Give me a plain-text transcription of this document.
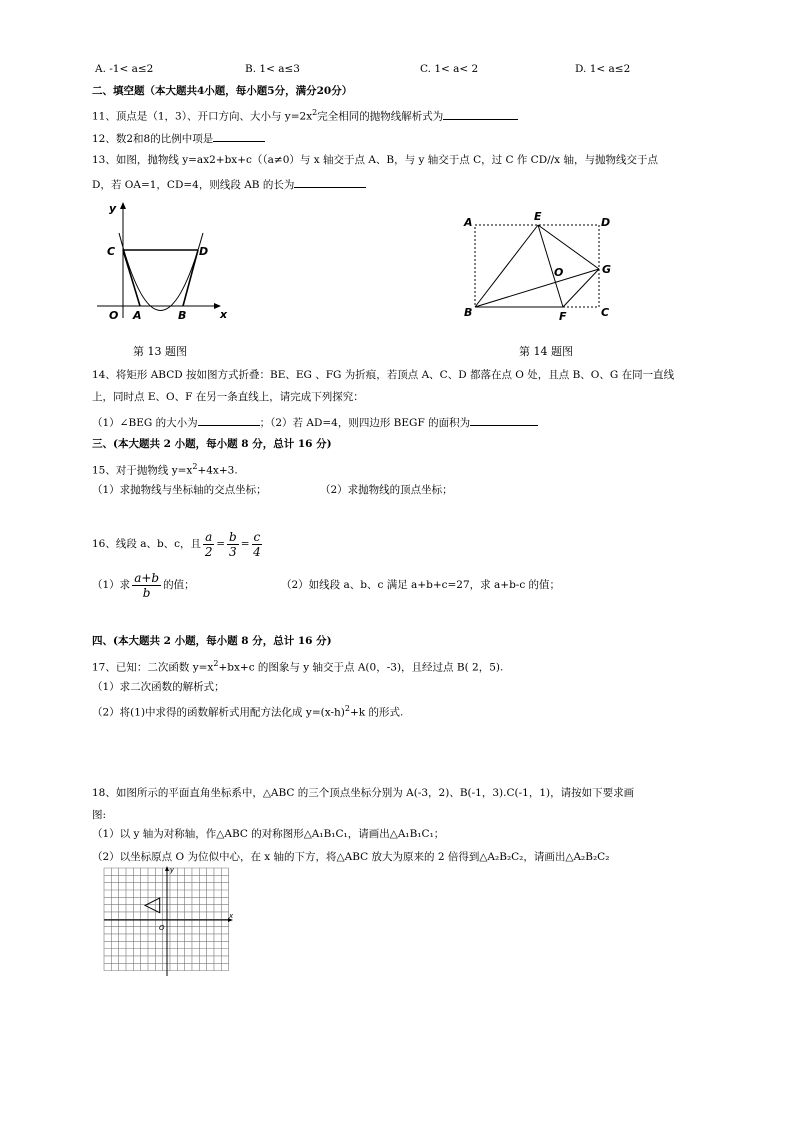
A. -1< a≤2	B. 1< a≤3	C. 1< a< 2	D. 1< a≤2
二、填空题（本大题共4小题，每小题5分，满分20分）
11、顶点是（1，3）、开口方向、大小与 $y=2x^2$完全相同的抛物线解析式为
12、数2和8的比例中项是
13、如图，抛物线 y=ax2+bx+c（（a≠0）与 x 轴交于点 A、B，与 y 轴交于点 C，过 C 作 CD//x 轴，与抛物线交于点
D，若 OA=1，CD=4，则线段 AB 的长为
y
x
C	D
O A	B
第 13 题图
A	E	D
O	G
B	F	C
第 14 题图
14、将矩形 ABCD 按如图方式折叠：BE、EG 、FG 为折痕，若顶点 A、C、D 都落在点 O 处，且点 B、O、G 在同一直线
上，同时点 E、O、F 在另一条直线上，请完成下列探究：
（1）∠BEG 的大小为	；（2）若 AD=4，则四边形 BEGF 的面积为
三、(本大题共 2 小题，每小题 8 分，总计 16 分)
15、对于抛物线 $y=x^2+4x+3$.
（1）求抛物线与坐标轴的交点坐标；	（2）求抛物线的顶点坐标；
16、线段 a、b、c，且 $\frac{a}{2} = \frac{b}{3} = \frac{c}{4}$
（1）求 $\frac{a+b}{b}$ 的值；	（2）如线段 a、b、c 满足 a+b+c=27，求 a+b-c 的值；
四、(本大题共 2 小题，每小题 8 分，总计 16 分)
17、已知：二次函数 $y=x^2+bx+c$ 的图象与 y 轴交于点 A(0，-3)，且经过点 B( 2，5).
（1）求二次函数的解析式；
（2）将(1)中求得的函数解析式用配方法化成 $y=(x-h)^2+k$ 的形式.
18、如图所示的平面直角坐标系中，△ABC 的三个顶点坐标分别为 A(-3，2)、B(-1，3).C(-1，1)，请按如下要求画
图:
（1）以 y 轴为对称轴，作△ABC 的对称图形△A₁B₁C₁，请画出△A₁B₁C₁；
（2）以坐标原点 O 为位似中心，在 x 轴的下方，将△ABC 放大为原来的 2 倍得到△A₂B₂C₂，请画出△A₂B₂C₂
y
x
O
